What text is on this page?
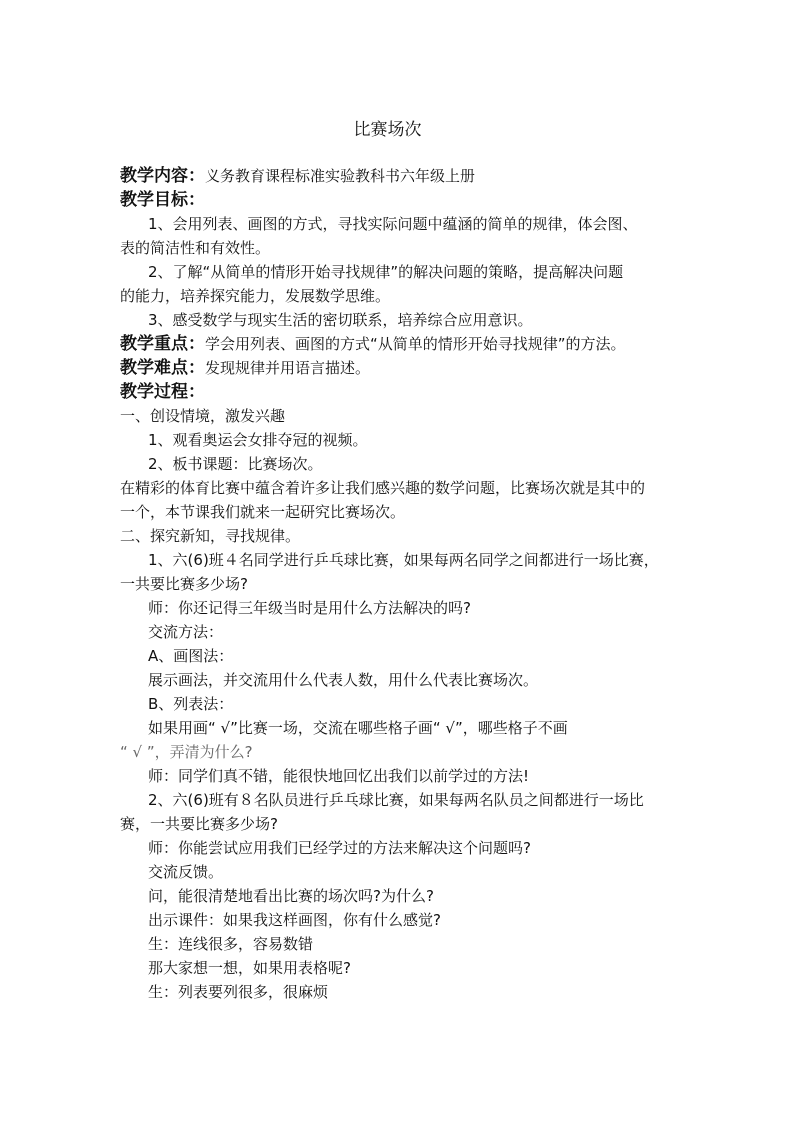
比赛场次
教学内容：义务教育课程标准实验教科书六年级上册
教学目标：
1、会用列表、画图的方式，寻找实际问题中蕴涵的简单的规律，体会图、
表的简洁性和有效性。
2、了解“从简单的情形开始寻找规律”的解决问题的策略，提高解决问题
的能力，培养探究能力，发展数学思维。
3、感受数学与现实生活的密切联系，培养综合应用意识。
教学重点：学会用列表、画图的方式“从简单的情形开始寻找规律”的方法。
教学难点：发现规律并用语言描述。
教学过程：
一、创设情境，激发兴趣
1、观看奥运会女排夺冠的视频。
2、板书课题：比赛场次。
在精彩的体育比赛中蕴含着许多让我们感兴趣的数学问题，比赛场次就是其中的
一个，本节课我们就来一起研究比赛场次。
二、探究新知，寻找规律。
1、六(6)班４名同学进行乒乓球比赛，如果每两名同学之间都进行一场比赛，
一共要比赛多少场?
师：你还记得三年级当时是用什么方法解决的吗?
交流方法：
A、画图法：
展示画法，并交流用什么代表人数，用什么代表比赛场次。
B、列表法：
如果用画“ √”比赛一场，交流在哪些格子画“ √”，哪些格子不画
“ √ ”，弄清为什么?
师：同学们真不错，能很快地回忆出我们以前学过的方法!
2、六(6)班有８名队员进行乒乓球比赛，如果每两名队员之间都进行一场比
赛，一共要比赛多少场?
师：你能尝试应用我们已经学过的方法来解决这个问题吗?
交流反馈。
问，能很清楚地看出比赛的场次吗?为什么?
出示课件：如果我这样画图，你有什么感觉?
生：连线很多，容易数错
那大家想一想，如果用表格呢?
生：列表要列很多，很麻烦
